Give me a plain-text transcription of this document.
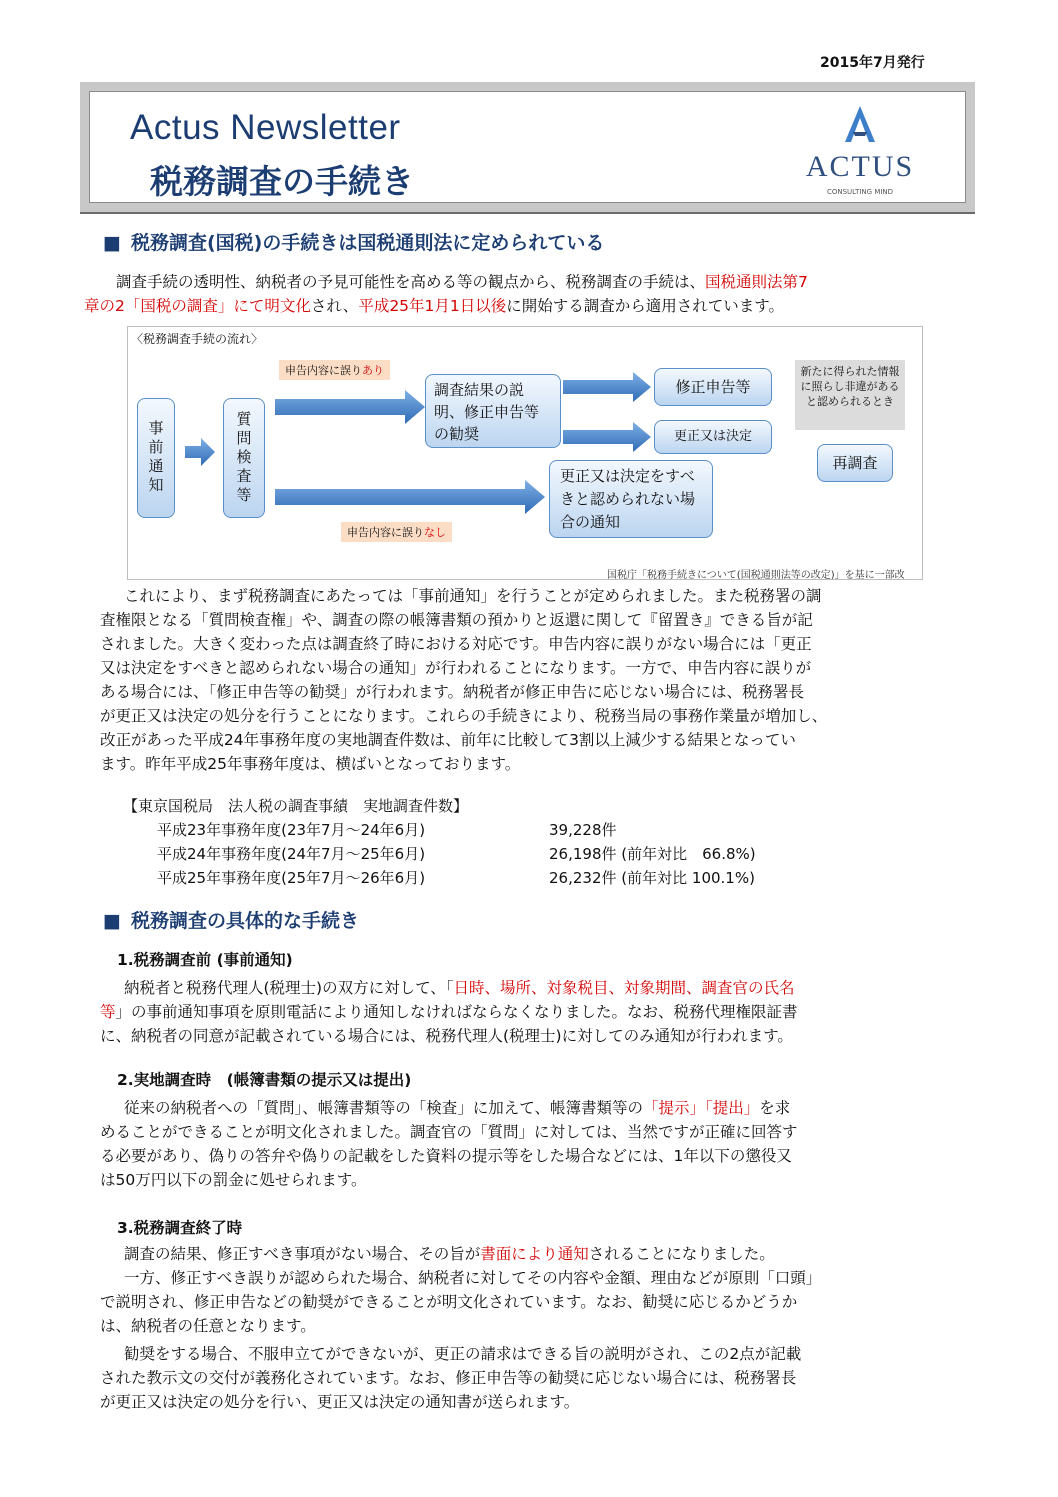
2015年7月発行
Actus Newsletter
税務調査の手続き	ACTUS
CONSULTING MIND
■ 税務調査(国税)の手続きは国税通則法に定められている
調査手続の透明性、納税者の予見可能性を高める等の観点から、税務調査の手続は、国税通則法第7
章の2「国税の調査」にて明文化され、平成25年1月1日以後に開始する調査から適用されています。
〈税務調査手続の流れ〉
事前通知	質問検査等
申告内容に誤りあり
調査結果の説明、修正申告等の勧奨
修正申告等
更正又は決定
更正又は決定をすべきと認められない場合の通知
申告内容に誤りなし
新たに得られた情報に照らし非違があると認められるとき
再調査
国税庁「税務手続きについて(国税通則法等の改定)」を基に一部改
これにより、まず税務調査にあたっては「事前通知」を行うことが定められました。また税務署の調
査権限となる「質問検査権」や、調査の際の帳簿書類の預かりと返還に関して『留置き』できる旨が記
されました。大きく変わった点は調査終了時における対応です。申告内容に誤りがない場合には「更正
又は決定をすべきと認められない場合の通知」が行われることになります。一方で、申告内容に誤りが
ある場合には、「修正申告等の勧奨」が行われます。納税者が修正申告に応じない場合には、税務署長
が更正又は決定の処分を行うことになります。これらの手続きにより、税務当局の事務作業量が増加し、
改正があった平成24年事務年度の実地調査件数は、前年に比較して3割以上減少する結果となってい
ます。昨年平成25年事務年度は、横ばいとなっております。
【東京国税局　法人税の調査事績　実地調査件数】
平成23年事務年度(23年7月～24年6月)	39,228件
平成24年事務年度(24年7月～25年6月)	26,198件 (前年対比　66.8%)
平成25年事務年度(25年7月～26年6月)	26,232件 (前年対比 100.1%)
■ 税務調査の具体的な手続き
1.税務調査前 (事前通知)
納税者と税務代理人(税理士)の双方に対して、「日時、場所、対象税目、対象期間、調査官の氏名
等」の事前通知事項を原則電話により通知しなければならなくなりました。なお、税務代理権限証書
に、納税者の同意が記載されている場合には、税務代理人(税理士)に対してのみ通知が行われます。
2.実地調査時　(帳簿書類の提示又は提出)
従来の納税者への「質問」、帳簿書類等の「検査」に加えて、帳簿書類等の「提示」「提出」を求
めることができることが明文化されました。調査官の「質問」に対しては、当然ですが正確に回答す
る必要があり、偽りの答弁や偽りの記載をした資料の提示等をした場合などには、1年以下の懲役又
は50万円以下の罰金に処せられます。
3.税務調査終了時
調査の結果、修正すべき事項がない場合、その旨が書面により通知されることになりました。
一方、修正すべき誤りが認められた場合、納税者に対してその内容や金額、理由などが原則「口頭」
で説明され、修正申告などの勧奨ができることが明文化されています。なお、勧奨に応じるかどうか
は、納税者の任意となります。
勧奨をする場合、不服申立てができないが、更正の請求はできる旨の説明がされ、この2点が記載
された教示文の交付が義務化されています。なお、修正申告等の勧奨に応じない場合には、税務署長
が更正又は決定の処分を行い、更正又は決定の通知書が送られます。
